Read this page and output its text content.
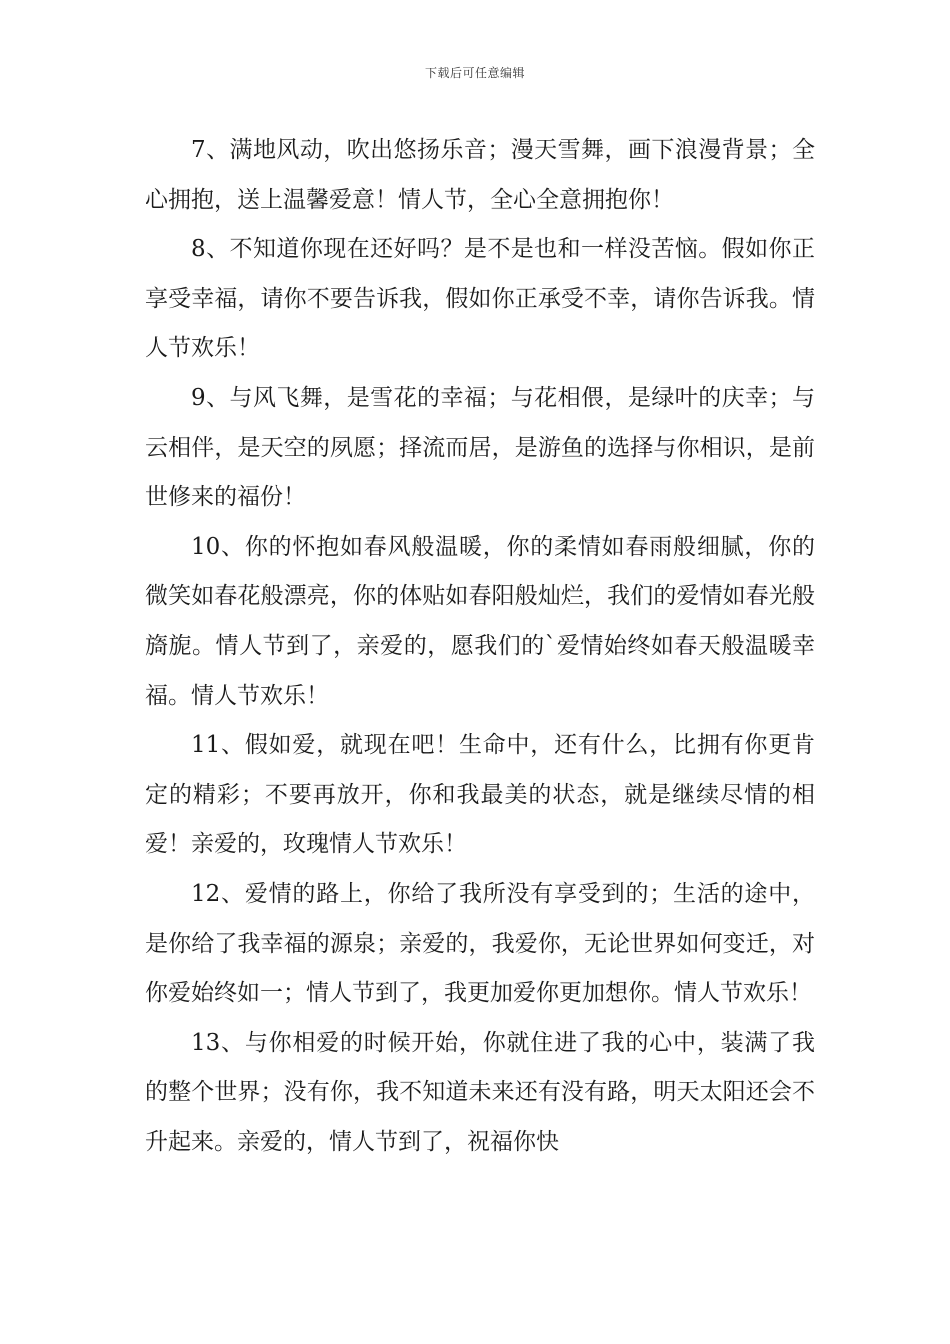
下载后可任意编辑

7、满地风动，吹出悠扬乐音；漫天雪舞，画下浪漫背景；全心拥抱，送上温馨爱意！情人节，全心全意拥抱你！

8、不知道你现在还好吗？是不是也和一样没苦恼。假如你正享受幸福，请你不要告诉我，假如你正承受不幸，请你告诉我。情人节欢乐！

9、与风飞舞，是雪花的幸福；与花相偎，是绿叶的庆幸；与云相伴，是天空的夙愿；择流而居，是游鱼的选择与你相识，是前世修来的福份！

10、你的怀抱如春风般温暖，你的柔情如春雨般细腻，你的微笑如春花般漂亮，你的体贴如春阳般灿烂，我们的爱情如春光般旖旎。情人节到了，亲爱的，愿我们的`爱情始终如春天般温暖幸福。情人节欢乐！

11、假如爱，就现在吧！生命中，还有什么，比拥有你更肯定的精彩；不要再放开，你和我最美的状态，就是继续尽情的相爱！亲爱的，玫瑰情人节欢乐！

12、爱情的路上，你给了我所没有享受到的；生活的途中，是你给了我幸福的源泉；亲爱的，我爱你，无论世界如何变迁，对你爱始终如一；情人节到了，我更加爱你更加想你。情人节欢乐！

13、与你相爱的时候开始，你就住进了我的心中，装满了我的整个世界；没有你，我不知道未来还有没有路，明天太阳还会不升起来。亲爱的，情人节到了，祝福你快
